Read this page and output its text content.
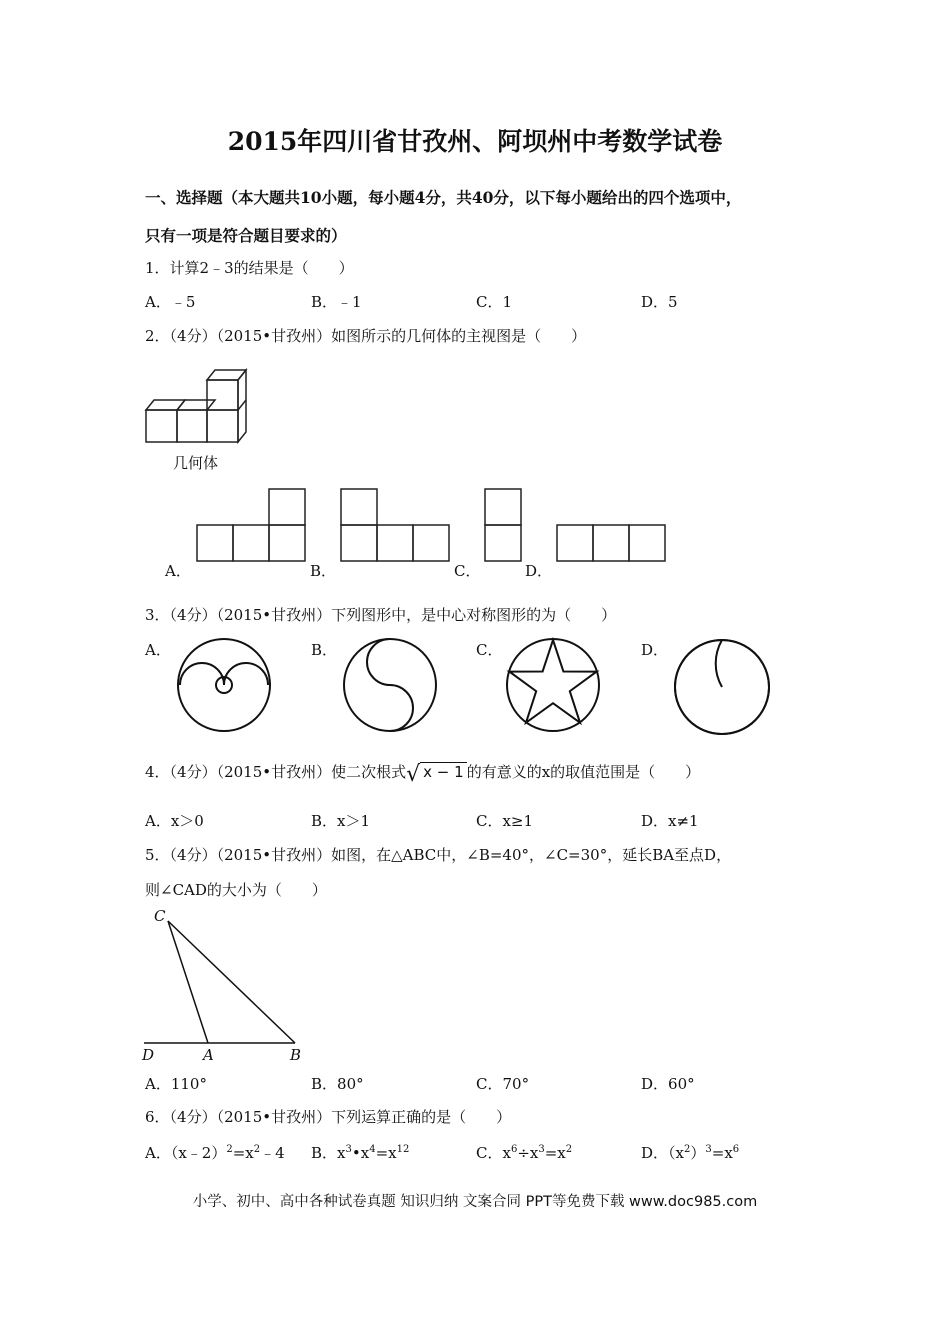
2015年四川省甘孜州、阿坝州中考数学试卷
一、选择题（本大题共10小题，每小题4分，共40分，以下每小题给出的四个选项中，
只有一项是符合题目要求的）
1．计算2﹣3的结果是（　　）
A．﹣5	B．﹣1	C．1	D．5
2．（4分）（2015•甘孜州）如图所示的几何体的主视图是（　　）
几何体
A．	B．	C．	D．
3．（4分）（2015•甘孜州）下列图形中，是中心对称图形的为（　　）
A．	B．	C．	D．
4．（4分）（2015•甘孜州）使二次根式√ x − 1 的有意义的x的取值范围是（　　）
A．x＞0	B．x＞1	C．x≥1	D．x≠1
5．（4分）（2015•甘孜州）如图，在△ABC中，∠B=40°，∠C=30°，延长BA至点D，
则∠CAD的大小为（　　）
C
D	A	B
A．110°	B．80°	C．70°	D．60°
6．（4分）（2015•甘孜州）下列运算正确的是（　　）
A．$(x﹣2)^2=x^2﹣4$ B．$x^3•x^4=x^{12}$	C．$x^6\div x^3=x^2$	D．$(x^2)^3=x^6$
小学、初中、高中各种试卷真题 知识归纳 文案合同 PPT等免费下载 www.doc985.com
